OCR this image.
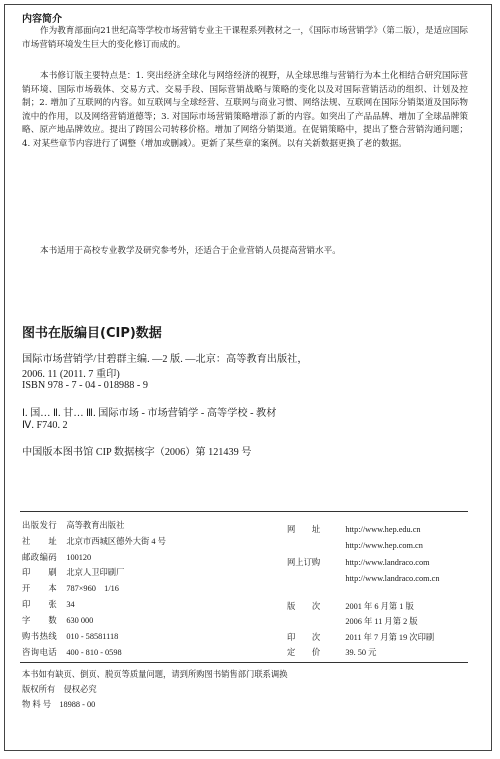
内容简介

作为教育部面向21世纪高等学校市场营销专业主干课程系列教材之一，《国际市场营销学》（第二版），是适应国际市场营销环境发生巨大的变化修订而成的。

本书修订版主要特点是：1. 突出经济全球化与网络经济的视野，从全球思维与营销行为本土化相结合研究国际营销环境、国际市场载体、交易方式、交易手段、国际营销战略与策略的变化以及对国际营销活动的组织、计划及控制；2. 增加了互联网的内容。如互联网与全球经营、互联网与商业习惯、网络法规、互联网在国际分销渠道及国际物流中的作用，以及网络营销道德等；3. 对国际市场营销策略增添了新的内容。如突出了产品品牌、增加了全球品牌策略、原产地品牌效应。提出了跨国公司转移价格。增加了网络分销渠道。在促销策略中，提出了整合营销沟通问题；4. 对某些章节内容进行了调整（增加或删减）。更新了某些章的案例。以有关新数据更换了老的数据。

本书适用于高校专业教学及研究参考外，还适合于企业营销人员提高营销水平。

图书在版编目(CIP)数据
国际市场营销学/甘碧群主编. —2 版. —北京：高等教育出版社，
2006. 11 (2011. 7 重印)
ISBN 978 - 7 - 04 - 018988 - 9
Ⅰ. 国… Ⅱ. 甘… Ⅲ. 国际市场 - 市场营销学 - 高等学校 - 教材
Ⅳ. F740. 2
中国版本图书馆 CIP 数据核字（2006）第 121439 号
出版发行　 高等教育出版社
社　　址　 北京市西城区德外大街 4 号
邮政编码　 100120
印　　刷　 北京人卫印刷厂
开　　本　 787×960　1/16
印　　张　 34
字　　数　 630 000
购书热线　 010 - 58581118
咨询电话　 400 - 810 - 0598
网　　址　	http://www.hep.edu.cn
　http://www.hep.com.cn
网上订购　	http://www.landraco.com
　http://www.landraco.com.cn
版　　次　	2001 年 6 月第 1 版
　2006 年 11 月第 2 版
印　　次　	2011 年 7 月第 19 次印刷
定　　价　	39. 50 元
本书如有缺页、倒页、脱页等质量问题，请到所购图书销售部门联系调换
版权所有　侵权必究
物 料 号　18988 - 00
